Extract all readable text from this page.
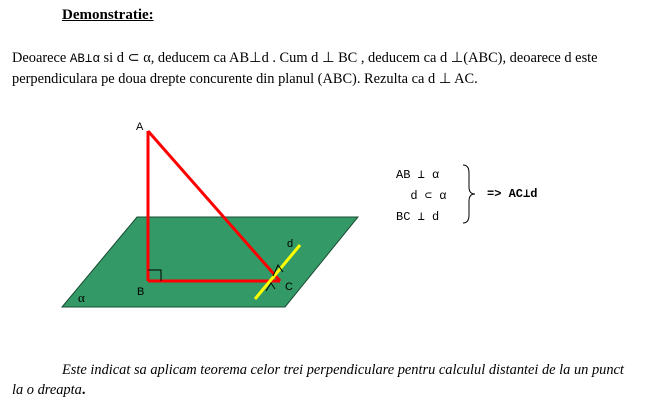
Demonstratie:
Deoarece AB⊥α si d ⊂ α, deducem ca AB⊥d . Cum d ⊥ BC , deducem ca d ⊥(ABC), deoarece d este perpendiculara pe doua drepte concurente din planul (ABC). Rezulta ca d ⊥ AC.
A
B	C
d
α
AB ⊥ α
d ⊂ α
BC ⊥ d
=> AC⊥d
Este indicat sa aplicam teorema celor trei perpendiculare pentru calculul distantei de la un punct la o dreapta.
